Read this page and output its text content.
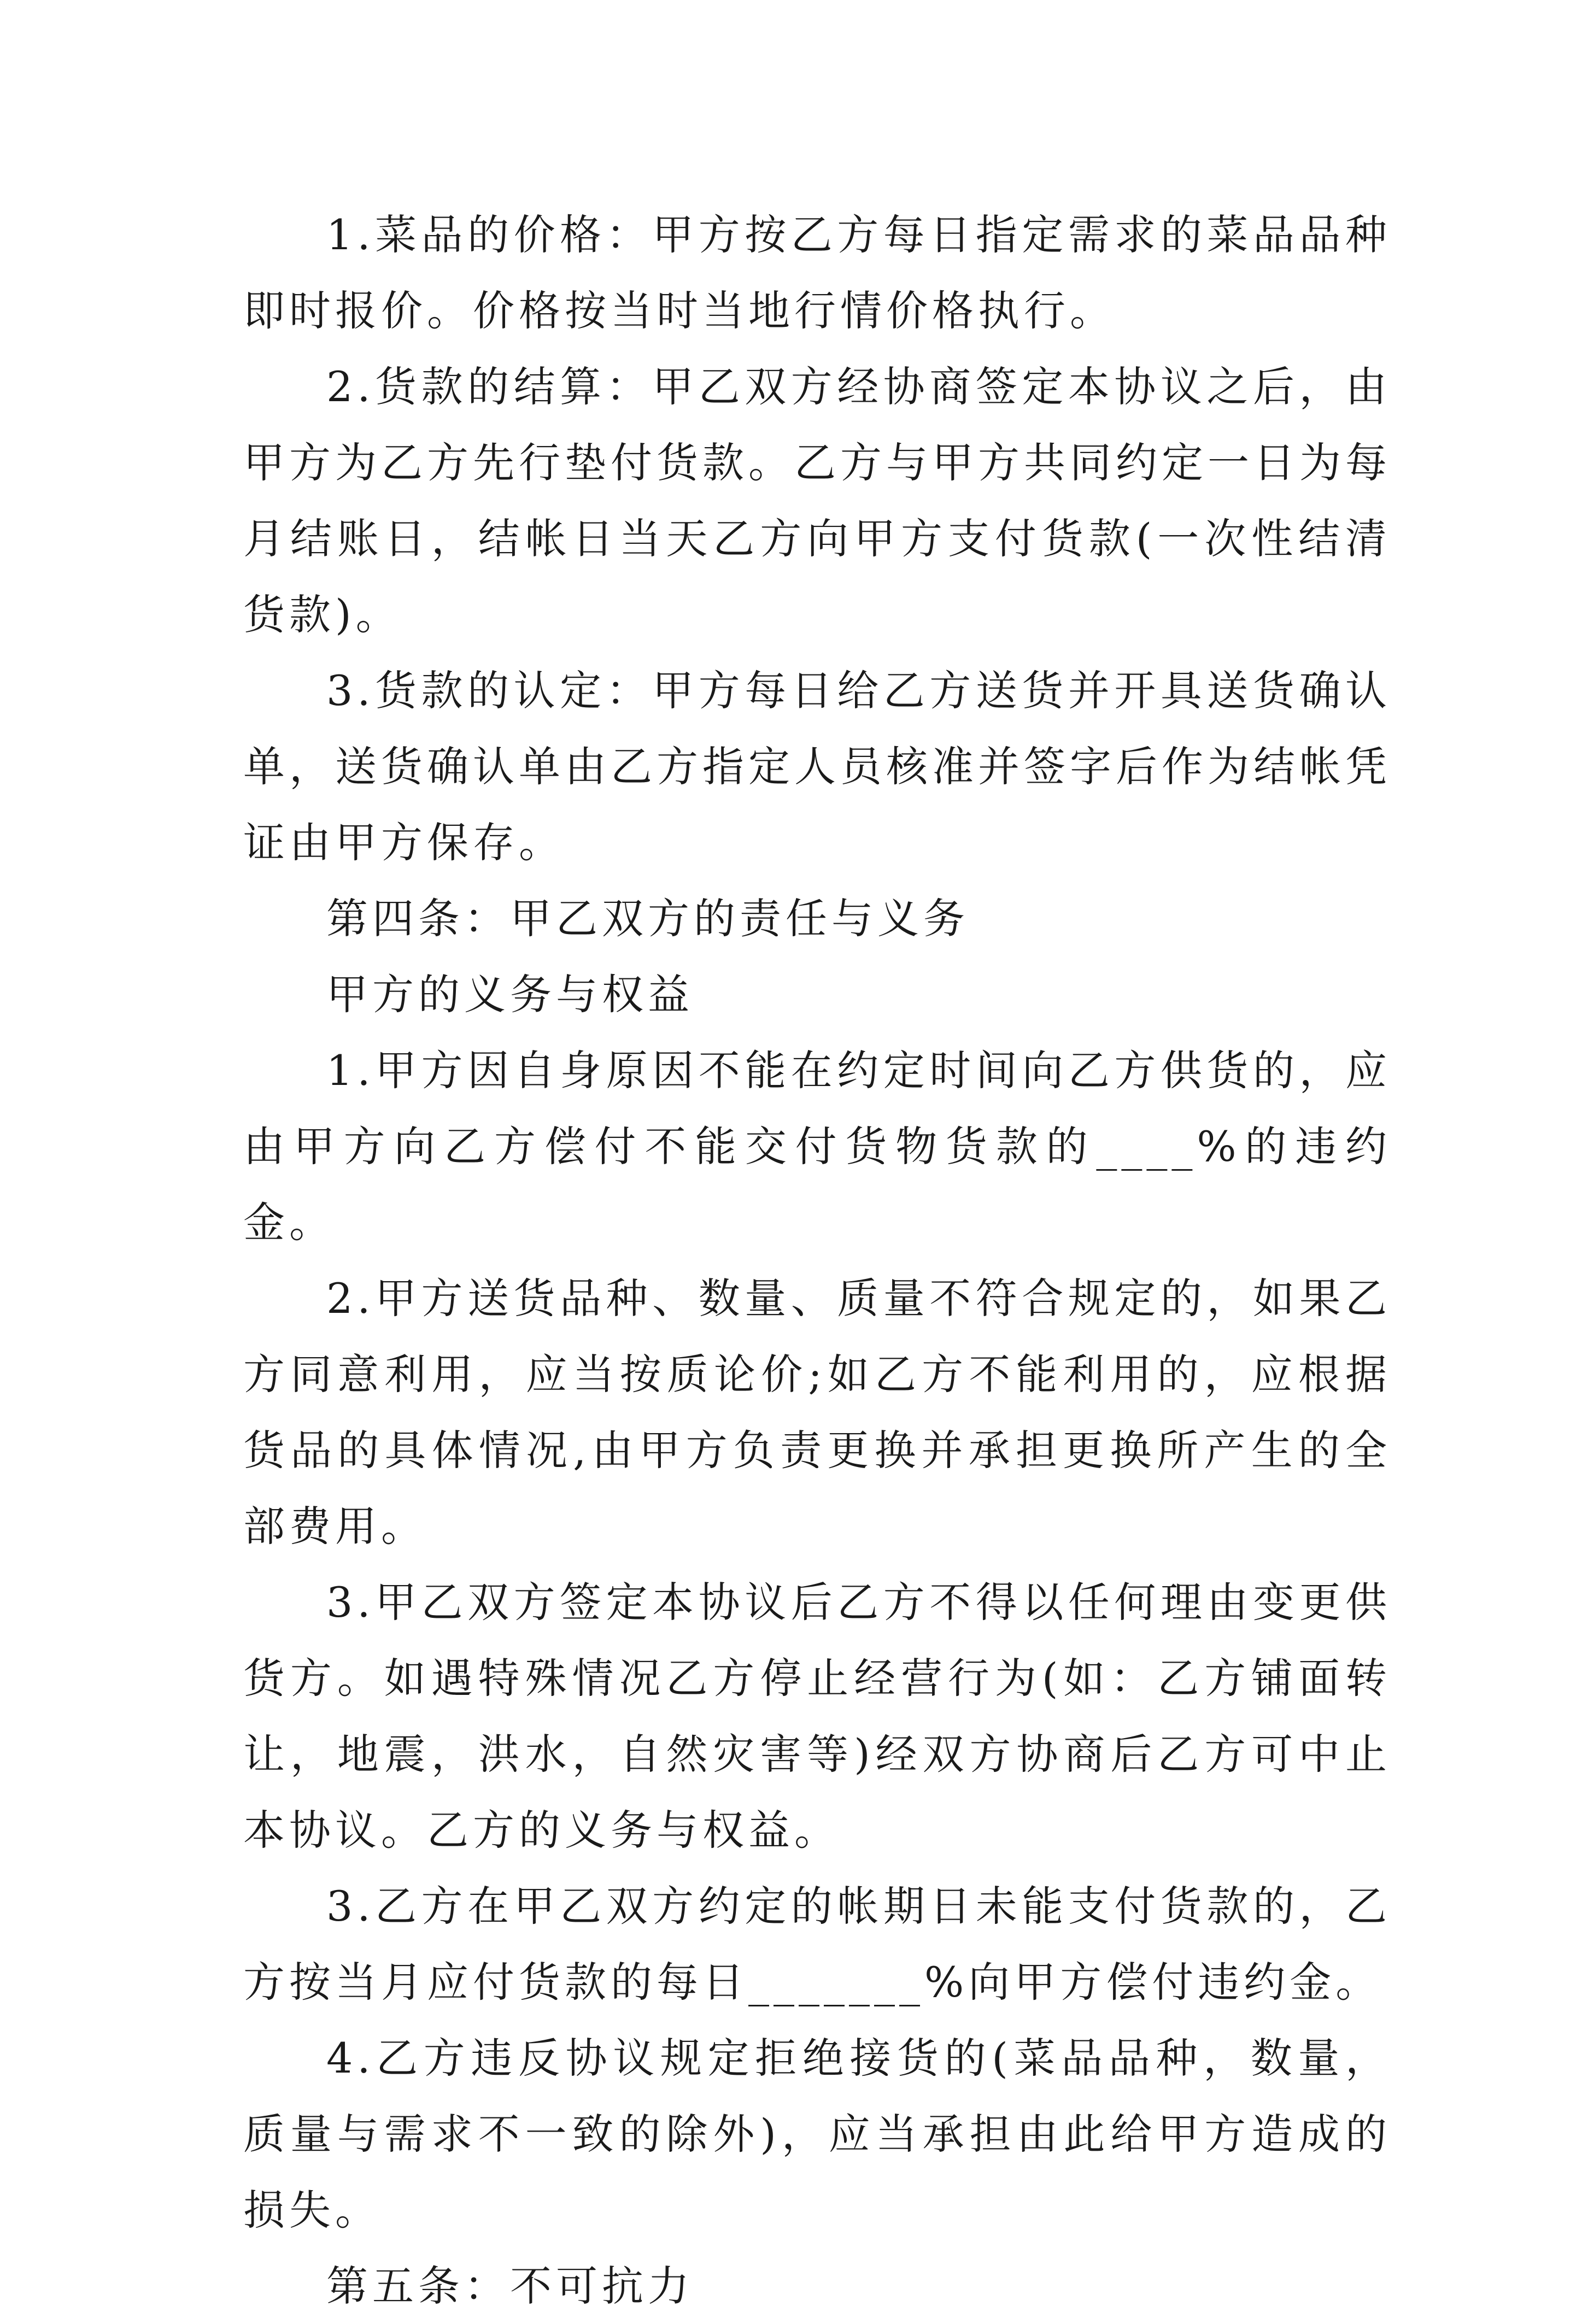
1.菜品的价格：甲方按乙方每日指定需求的菜品品种即时报价。价格按当时当地行情价格执行。

2.货款的结算：甲乙双方经协商签定本协议之后，由甲方为乙方先行垫付货款。乙方与甲方共同约定一日为每月结账日，结帐日当天乙方向甲方支付货款(一次性结清货款)。

3.货款的认定：甲方每日给乙方送货并开具送货确认单，送货确认单由乙方指定人员核准并签字后作为结帐凭证由甲方保存。

第四条：甲乙双方的责任与义务

甲方的义务与权益

1.甲方因自身原因不能在约定时间向乙方供货的，应由甲方向乙方偿付不能交付货物货款的____%的违约金。

2.甲方送货品种、数量、质量不符合规定的，如果乙方同意利用，应当按质论价;如乙方不能利用的，应根据货品的具体情况,由甲方负责更换并承担更换所产生的全部费用。

3.甲乙双方签定本协议后乙方不得以任何理由变更供货方。如遇特殊情况乙方停止经营行为(如：乙方铺面转让，地震，洪水，自然灾害等)经双方协商后乙方可中止本协议。乙方的义务与权益。

3.乙方在甲乙双方约定的帐期日未能支付货款的，乙方按当月应付货款的每日_______%向甲方偿付违约金。

4.乙方违反协议规定拒绝接货的(菜品品种，数量，质量与需求不一致的除外)，应当承担由此给甲方造成的损失。

第五条：不可抗力
